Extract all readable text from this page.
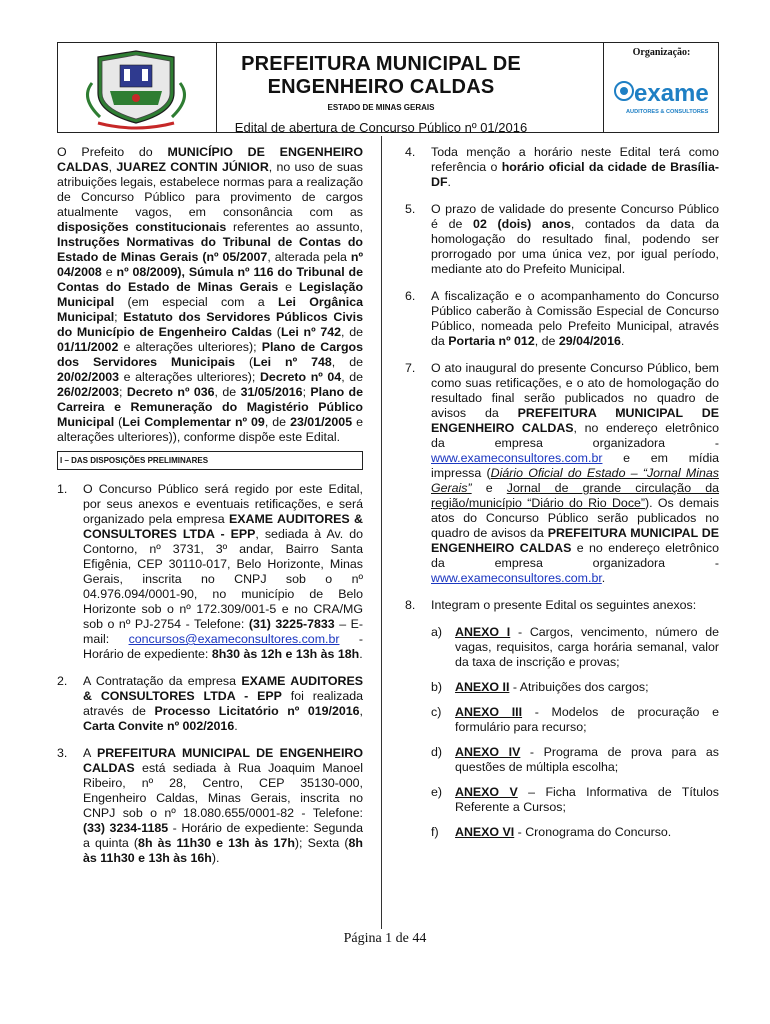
PREFEITURA MUNICIPAL DE
ENGENHEIRO CALDAS
ESTADO DE MINAS GERAIS
Edital de abertura de Concurso Público nº 01/2016
Organização:
exame
AUDITORES & CONSULTORES

O Prefeito do MUNICÍPIO DE ENGENHEIRO CALDAS, JUAREZ CONTIN JÚNIOR, no uso de suas atribuições legais, estabelece normas para a realização de Concurso Público para provimento de cargos atualmente vagos, em consonância com as disposições constitucionais referentes ao assunto, Instruções Normativas do Tribunal de Contas do Estado de Minas Gerais (nº 05/2007, alterada pela nº 04/2008 e nº 08/2009), Súmula nº 116 do Tribunal de Contas do Estado de Minas Gerais e Legislação Municipal (em especial com a Lei Orgânica Municipal; Estatuto dos Servidores Públicos Civis do Município de Engenheiro Caldas (Lei nº 742, de 01/11/2002 e alterações ulteriores); Plano de Cargos dos Servidores Municipais (Lei nº 748, de 20/02/2003 e alterações ulteriores); Decreto nº 04, de 26/02/2003; Decreto nº 036, de 31/05/2016; Plano de Carreira e Remuneração do Magistério Público Municipal (Lei Complementar nº 09, de 23/01/2005 e alterações ulteriores)), conforme dispõe este Edital.

I – DAS DISPOSIÇÕES PRELIMINARES
1.	O Concurso Público será regido por este Edital, por seus anexos e eventuais retificações, e será organizado pela empresa EXAME AUDITORES & CONSULTORES LTDA - EPP, sediada à Av. do Contorno, nº 3731, 3º andar, Bairro Santa Efigênia, CEP 30110-017, Belo Horizonte, Minas Gerais, inscrita no CNPJ sob o nº 04.976.094/0001-90, no município de Belo Horizonte sob o nº 172.309/001-5 e no CRA/MG sob o nº PJ-2754 - Telefone: (31) 3225-7833 – E-mail: concursos@exameconsultores.com.br - Horário de expediente: 8h30 às 12h e 13h às 18h.
2.	A Contratação da empresa EXAME AUDITORES & CONSULTORES LTDA - EPP foi realizada através de Processo Licitatório nº 019/2016, Carta Convite nº 002/2016.
3.	A PREFEITURA MUNICIPAL DE ENGENHEIRO CALDAS está sediada à Rua Joaquim Manoel Ribeiro, nº 28, Centro, CEP 35130-000, Engenheiro Caldas, Minas Gerais, inscrita no CNPJ sob o nº 18.080.655/0001-82 - Telefone: (33) 3234-1185 - Horário de expediente: Segunda a quinta (8h às 11h30 e 13h às 17h); Sexta (8h às 11h30 e 13h às 16h).
4.	Toda menção a horário neste Edital terá como referência o horário oficial da cidade de Brasília-DF.
5.	O prazo de validade do presente Concurso Público é de 02 (dois) anos, contados da data da homologação do resultado final, podendo ser prorrogado por uma única vez, por igual período, mediante ato do Prefeito Municipal.
6.	A fiscalização e o acompanhamento do Concurso Público caberão à Comissão Especial de Concurso Público, nomeada pelo Prefeito Municipal, através da Portaria nº 012, de 29/04/2016.
7.	O ato inaugural do presente Concurso Público, bem como suas retificações, e o ato de homologação do resultado final serão publicados no quadro de avisos da PREFEITURA MUNICIPAL DE ENGENHEIRO CALDAS, no endereço eletrônico da empresa organizadora - www.exameconsultores.com.br e em mídia impressa (Diário Oficial do Estado – “Jornal Minas Gerais” e Jornal de grande circulação da região/município “Diário do Rio Doce”). Os demais atos do Concurso Público serão publicados no quadro de avisos da PREFEITURA MUNICIPAL DE ENGENHEIRO CALDAS e no endereço eletrônico da empresa organizadora - www.exameconsultores.com.br.
8.	Integram o presente Edital os seguintes anexos:
a)	ANEXO I - Cargos, vencimento, número de vagas, requisitos, carga horária semanal, valor da taxa de inscrição e provas;
b)	ANEXO II - Atribuições dos cargos;
c)	ANEXO III - Modelos de procuração e formulário para recurso;
d)	ANEXO IV - Programa de prova para as questões de múltipla escolha;
e)	ANEXO V – Ficha Informativa de Títulos Referente a Cursos;
f)	ANEXO VI - Cronograma do Concurso.
Página 1 de 44
